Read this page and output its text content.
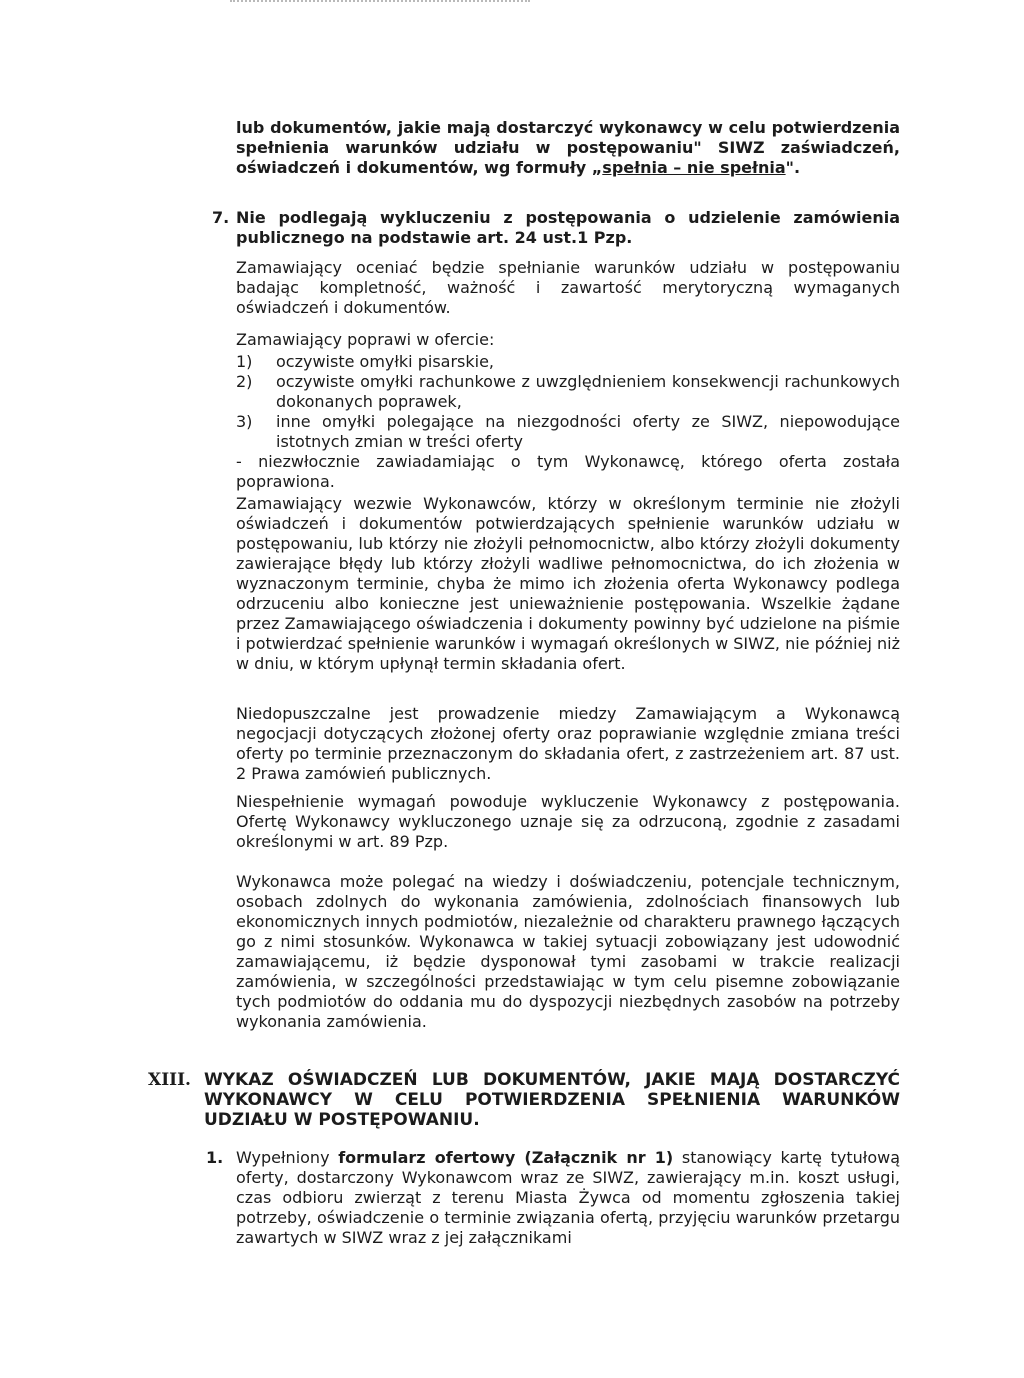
lub dokumentów, jakie mają dostarczyć wykonawcy w celu potwierdzenia spełnienia warunków udziału w postępowaniu" SIWZ zaświadczeń, oświadczeń i dokumentów, wg formuły „spełnia – nie spełnia".

7. Nie podlegają wykluczeniu z postępowania o udzielenie zamówienia publicznego na podstawie art. 24 ust.1 Pzp.

Zamawiający oceniać będzie spełnianie warunków udziału w postępowaniu badając kompletność, ważność i zawartość merytoryczną wymaganych oświadczeń i dokumentów.

Zamawiający poprawi w ofercie:
1) oczywiste omyłki pisarskie,
2) oczywiste omyłki rachunkowe z uwzględnieniem konsekwencji rachunkowych dokonanych poprawek,
3) inne omyłki polegające na niezgodności oferty ze SIWZ, niepowodujące istotnych zmian w treści oferty
- niezwłocznie zawiadamiając o tym Wykonawcę, którego oferta została poprawiona.

Zamawiający wezwie Wykonawców, którzy w określonym terminie nie złożyli oświadczeń i dokumentów potwierdzających spełnienie warunków udziału w postępowaniu, lub którzy nie złożyli pełnomocnictw, albo którzy złożyli dokumenty zawierające błędy lub którzy złożyli wadliwe pełnomocnictwa, do ich złożenia w wyznaczonym terminie, chyba że mimo ich złożenia oferta Wykonawcy podlega odrzuceniu albo konieczne jest unieważnienie postępowania. Wszelkie żądane przez Zamawiającego oświadczenia i dokumenty powinny być udzielone na piśmie i potwierdzać spełnienie warunków i wymagań określonych w SIWZ, nie później niż w dniu, w którym upłynął termin składania ofert.

Niedopuszczalne jest prowadzenie miedzy Zamawiającym a Wykonawcą negocjacji dotyczących złożonej oferty oraz poprawianie względnie zmiana treści oferty po terminie przeznaczonym do składania ofert, z zastrzeżeniem art. 87 ust. 2 Prawa zamówień publicznych.

Niespełnienie wymagań powoduje wykluczenie Wykonawcy z postępowania. Ofertę Wykonawcy wykluczonego uznaje się za odrzuconą, zgodnie z zasadami określonymi w art. 89 Pzp.

Wykonawca może polegać na wiedzy i doświadczeniu, potencjale technicznym, osobach zdolnych do wykonania zamówienia, zdolnościach finansowych lub ekonomicznych innych podmiotów, niezależnie od charakteru prawnego łączących go z nimi stosunków. Wykonawca w takiej sytuacji zobowiązany jest udowodnić zamawiającemu, iż będzie dysponował tymi zasobami w trakcie realizacji zamówienia, w szczególności przedstawiając w tym celu pisemne zobowiązanie tych podmiotów do oddania mu do dyspozycji niezbędnych zasobów na potrzeby wykonania zamówienia.

XIII. WYKAZ OŚWIADCZEŃ LUB DOKUMENTÓW, JAKIE MAJĄ DOSTARCZYĆ WYKONAWCY W CELU POTWIERDZENIA SPEŁNIENIA WARUNKÓW UDZIAŁU W POSTĘPOWANIU.
1. Wypełniony formularz ofertowy (Załącznik nr 1) stanowiący kartę tytułową oferty, dostarczony Wykonawcom wraz ze SIWZ, zawierający m.in. koszt usługi, czas odbioru zwierząt z terenu Miasta Żywca od momentu zgłoszenia takiej potrzeby, oświadczenie o terminie związania ofertą, przyjęciu warunków przetargu zawartych w SIWZ wraz z jej załącznikami
